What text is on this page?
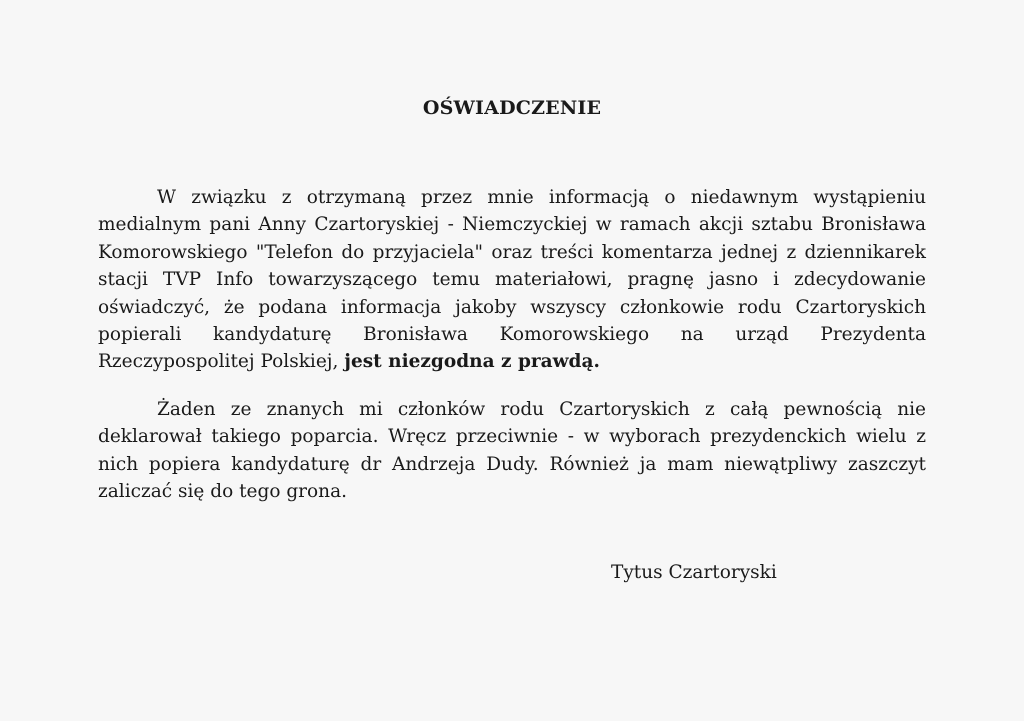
OŚWIADCZENIE

W związku z otrzymaną przez mnie informacją o niedawnym wystąpieniu medialnym pani Anny Czartoryskiej - Niemczyckiej w ramach akcji sztabu Bronisława Komorowskiego "Telefon do przyjaciela" oraz treści komentarza jednej z dziennikarek stacji TVP Info towarzyszącego temu materiałowi, pragnę jasno i zdecydowanie oświadczyć, że podana informacja jakoby wszyscy członkowie rodu Czartoryskich popierali kandydaturę Bronisława Komorowskiego na urząd Prezydenta Rzeczypospolitej Polskiej, jest niezgodna z prawdą.

Żaden ze znanych mi członków rodu Czartoryskich z całą pewnością nie deklarował takiego poparcia. Wręcz przeciwnie - w wyborach prezydenckich wielu z nich popiera kandydaturę dr Andrzeja Dudy. Również ja mam niewątpliwy zaszczyt zaliczać się do tego grona.

Tytus Czartoryski
